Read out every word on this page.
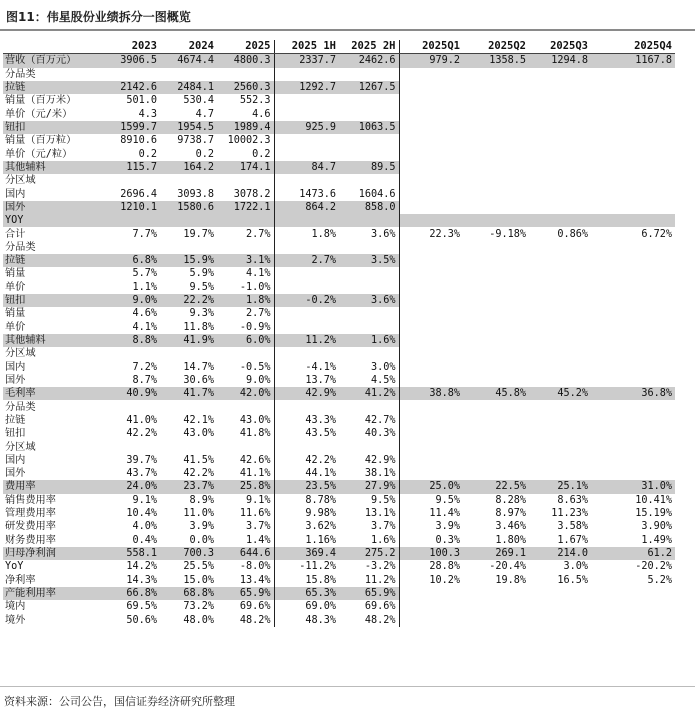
图11：伟星股份业绩拆分一图概览
	2023	2024	2025	2025 1H	2025 2H	2025Q1	2025Q2	2025Q3	2025Q4
营收（百万元）	3906.5	4674.4	4800.3	2337.7	2462.6	979.2	1358.5	1294.8	1167.8
分品类									
拉链	2142.6	2484.1	2560.3	1292.7	1267.5				
销量（百万米）	501.0	530.4	552.3						
单价（元/米）	4.3	4.7	4.6						
钮扣	1599.7	1954.5	1989.4	925.9	1063.5				
销量（百万粒）	8910.6	9738.7	10002.3						
单价（元/粒）	0.2	0.2	0.2						
其他辅料	115.7	164.2	174.1	84.7	89.5				
分区域									
国内	2696.4	3093.8	3078.2	1473.6	1604.6				
国外	1210.1	1580.6	1722.1	864.2	858.0				
YOY									
合计	7.7%	19.7%	2.7%	1.8%	3.6%	22.3%	-9.18%	0.86%	6.72%
分品类									
拉链	6.8%	15.9%	3.1%	2.7%	3.5%				
销量	5.7%	5.9%	4.1%						
单价	1.1%	9.5%	-1.0%						
钮扣	9.0%	22.2%	1.8%	-0.2%	3.6%				
销量	4.6%	9.3%	2.7%						
单价	4.1%	11.8%	-0.9%						
其他辅料	8.8%	41.9%	6.0%	11.2%	1.6%				
分区域									
国内	7.2%	14.7%	-0.5%	-4.1%	3.0%				
国外	8.7%	30.6%	9.0%	13.7%	4.5%				
毛利率	40.9%	41.7%	42.0%	42.9%	41.2%	38.8%	45.8%	45.2%	36.8%
分品类									
拉链	41.0%	42.1%	43.0%	43.3%	42.7%				
钮扣	42.2%	43.0%	41.8%	43.5%	40.3%				
分区域									
国内	39.7%	41.5%	42.6%	42.2%	42.9%				
国外	43.7%	42.2%	41.1%	44.1%	38.1%				
费用率	24.0%	23.7%	25.8%	23.5%	27.9%	25.0%	22.5%	25.1%	31.0%
销售费用率	9.1%	8.9%	9.1%	8.78%	9.5%	9.5%	8.28%	8.63%	10.41%
管理费用率	10.4%	11.0%	11.6%	9.98%	13.1%	11.4%	8.97%	11.23%	15.19%
研发费用率	4.0%	3.9%	3.7%	3.62%	3.7%	3.9%	3.46%	3.58%	3.90%
财务费用率	0.4%	0.0%	1.4%	1.16%	1.6%	0.3%	1.80%	1.67%	1.49%
归母净利润	558.1	700.3	644.6	369.4	275.2	100.3	269.1	214.0	61.2
YoY	14.2%	25.5%	-8.0%	-11.2%	-3.2%	28.8%	-20.4%	3.0%	-20.2%
净利率	14.3%	15.0%	13.4%	15.8%	11.2%	10.2%	19.8%	16.5%	5.2%
产能利用率	66.8%	68.8%	65.9%	65.3%	65.9%				
境内	69.5%	73.2%	69.6%	69.0%	69.6%				
境外	50.6%	48.0%	48.2%	48.3%	48.2%				
资料来源：公司公告，国信证券经济研究所整理
